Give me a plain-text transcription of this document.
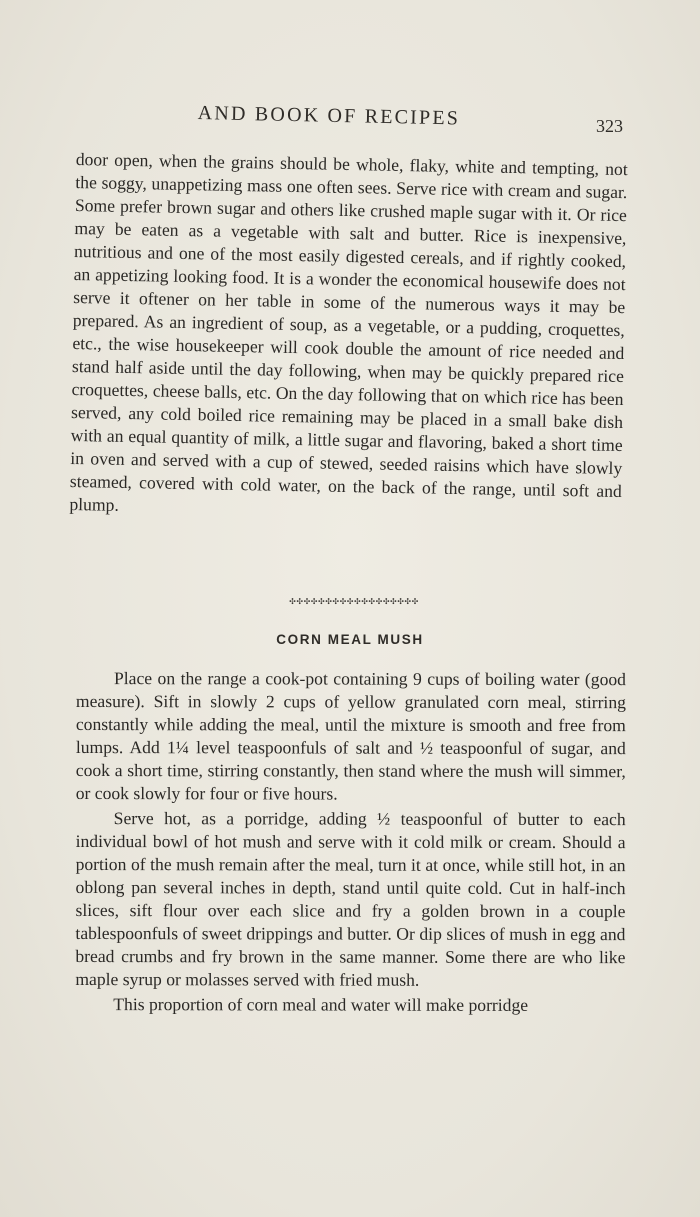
AND BOOK OF RECIPES	323

door open, when the grains should be whole, flaky, white and tempting, not the soggy, unappetizing mass one often sees. Serve rice with cream and sugar. Some prefer brown sugar and others like crushed maple sugar with it. Or rice may be eaten as a vegetable with salt and butter. Rice is inexpensive, nutritious and one of the most easily digested cereals, and if rightly cooked, an appetizing looking food. It is a wonder the economical housewife does not serve it oftener on her table in some of the numerous ways it may be prepared. As an ingredient of soup, as a vegetable, or a pudding, croquettes, etc., the wise housekeeper will cook double the amount of rice needed and stand half aside until the day following, when may be quickly prepared rice croquettes, cheese balls, etc. On the day following that on which rice has been served, any cold boiled rice remaining may be placed in a small bake dish with an equal quantity of milk, a little sugar and flavoring, baked a short time in oven and served with a cup of stewed, seeded raisins which have slowly steamed, covered with cold water, on the back of the range, until soft and plump.

✣✣✣✣✣✣✣✣✣✣✣✣✣✣✣✣✣✣
CORN MEAL MUSH

Place on the range a cook-pot containing 9 cups of boiling water (good measure). Sift in slowly 2 cups of yellow granulated corn meal, stirring constantly while adding the meal, until the mixture is smooth and free from lumps. Add 1¼ level teaspoonfuls of salt and ½ teaspoonful of sugar, and cook a short time, stirring constantly, then stand where the mush will simmer, or cook slowly for four or five hours.

Serve hot, as a porridge, adding ½ teaspoonful of butter to each individual bowl of hot mush and serve with it cold milk or cream. Should a portion of the mush remain after the meal, turn it at once, while still hot, in an oblong pan several inches in depth, stand until quite cold. Cut in half-inch slices, sift flour over each slice and fry a golden brown in a couple tablespoonfuls of sweet drippings and butter. Or dip slices of mush in egg and bread crumbs and fry brown in the same manner. Some there are who like maple syrup or molasses served with fried mush.

This proportion of corn meal and water will make porridge
